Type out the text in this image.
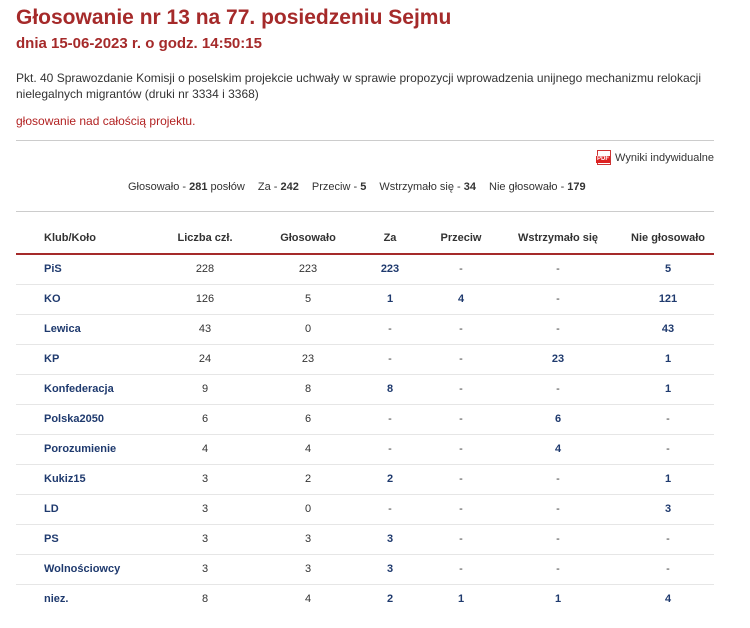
Głosowanie nr 13 na 77. posiedzeniu Sejmu
dnia 15-06-2023 r. o godz. 14:50:15
Pkt. 40 Sprawozdanie Komisji o poselskim projekcie uchwały w sprawie propozycji wprowadzenia unijnego mechanizmu relokacji nielegalnych migrantów (druki nr 3334 i 3368)
głosowanie nad całością projektu.
PDF
Wyniki indywidualne
Głosowało - 281 posłów Za - 242 Przeciw - 5 Wstrzymało się - 34 Nie głosowało - 179
Klub/Koło	Liczba czł.	Głosowało	Za	Przeciw	Wstrzymało się	Nie głosowało
PiS	228	223	223	-	-	5
KO	126	5	1	4	-	121
Lewica	43	0	-	-	-	43
KP	24	23	-	-	23	1
Konfederacja	9	8	8	-	-	1
Polska2050	6	6	-	-	6	-
Porozumienie	4	4	-	-	4	-
Kukiz15	3	2	2	-	-	1
LD	3	0	-	-	-	3
PS	3	3	3	-	-	-
Wolnościowcy	3	3	3	-	-	-
niez.	8	4	2	1	1	4
